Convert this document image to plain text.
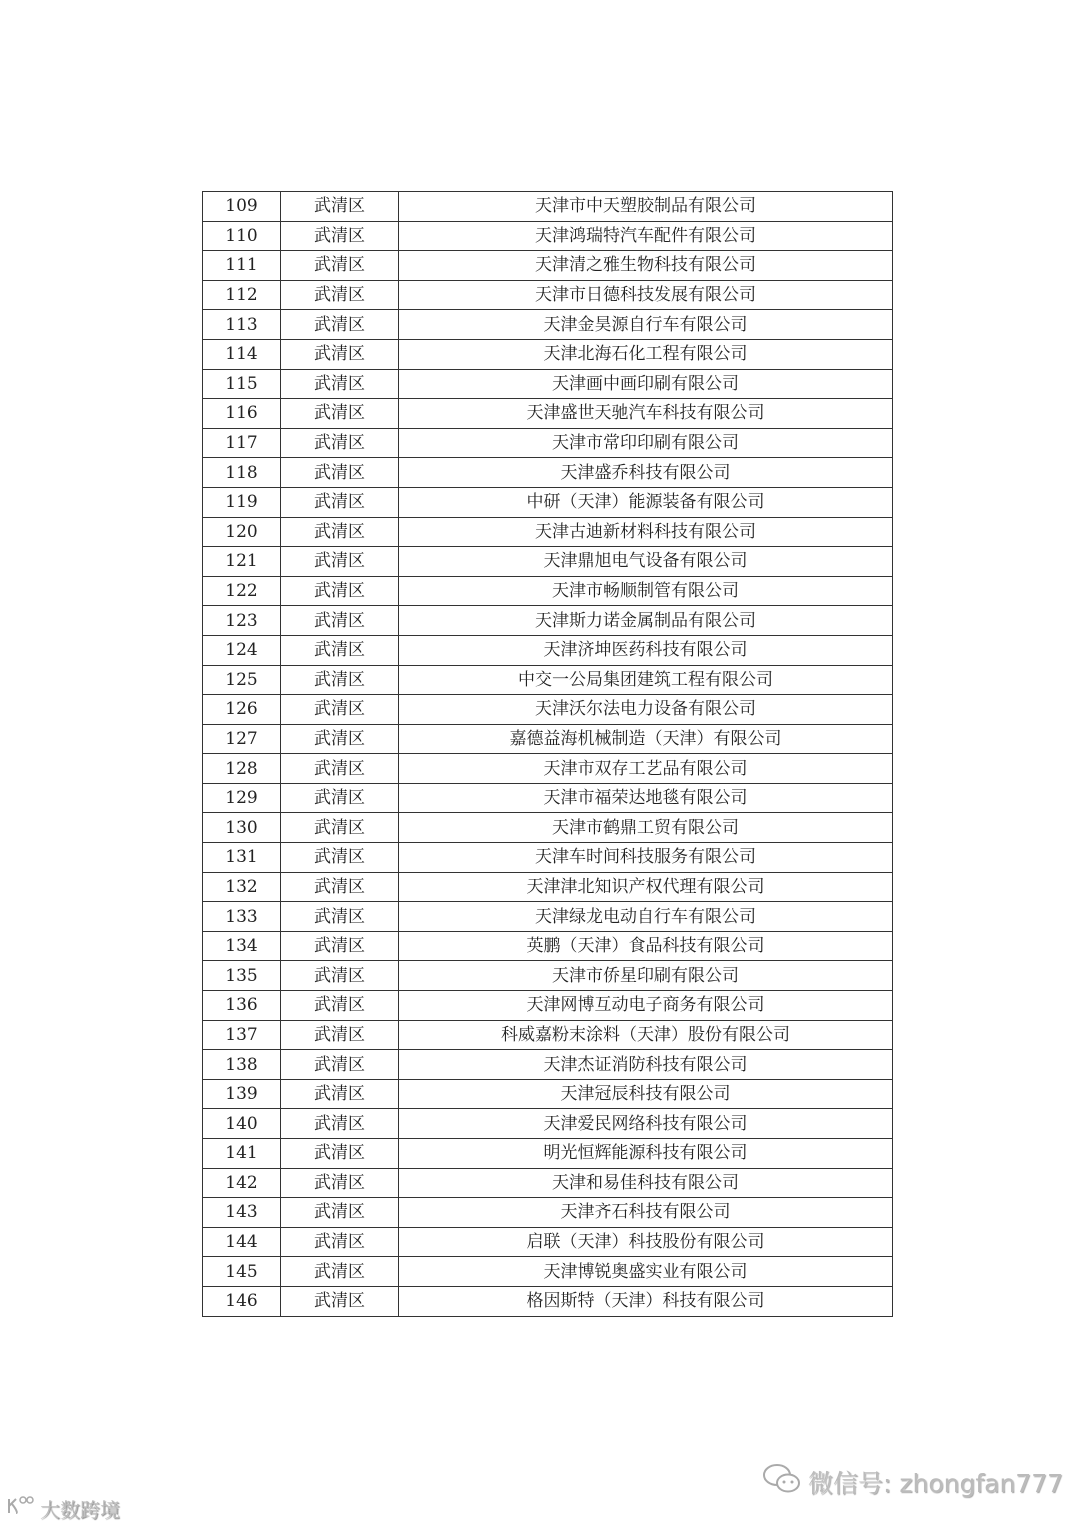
109	武清区	天津市中天塑胶制品有限公司
110	武清区	天津鸿瑞特汽车配件有限公司
111	武清区	天津清之雅生物科技有限公司
112	武清区	天津市日德科技发展有限公司
113	武清区	天津金昊源自行车有限公司
114	武清区	天津北海石化工程有限公司
115	武清区	天津画中画印刷有限公司
116	武清区	天津盛世天驰汽车科技有限公司
117	武清区	天津市常印印刷有限公司
118	武清区	天津盛乔科技有限公司
119	武清区	中研（天津）能源装备有限公司
120	武清区	天津古迪新材料科技有限公司
121	武清区	天津鼎旭电气设备有限公司
122	武清区	天津市畅顺制管有限公司
123	武清区	天津斯力诺金属制品有限公司
124	武清区	天津济坤医药科技有限公司
125	武清区	中交一公局集团建筑工程有限公司
126	武清区	天津沃尔法电力设备有限公司
127	武清区	嘉德益海机械制造（天津）有限公司
128	武清区	天津市双存工艺品有限公司
129	武清区	天津市福荣达地毯有限公司
130	武清区	天津市鹤鼎工贸有限公司
131	武清区	天津车时间科技服务有限公司
132	武清区	天津津北知识产权代理有限公司
133	武清区	天津绿龙电动自行车有限公司
134	武清区	英鹏（天津）食品科技有限公司
135	武清区	天津市侨星印刷有限公司
136	武清区	天津网博互动电子商务有限公司
137	武清区	科威嘉粉末涂料（天津）股份有限公司
138	武清区	天津杰证消防科技有限公司
139	武清区	天津冠辰科技有限公司
140	武清区	天津爱民网络科技有限公司
141	武清区	明光恒辉能源科技有限公司
142	武清区	天津和易佳科技有限公司
143	武清区	天津齐石科技有限公司
144	武清区	启联（天津）科技股份有限公司
145	武清区	天津博锐奥盛实业有限公司
146	武清区	格因斯特（天津）科技有限公司
微信号: zhongfan777
大数跨境
